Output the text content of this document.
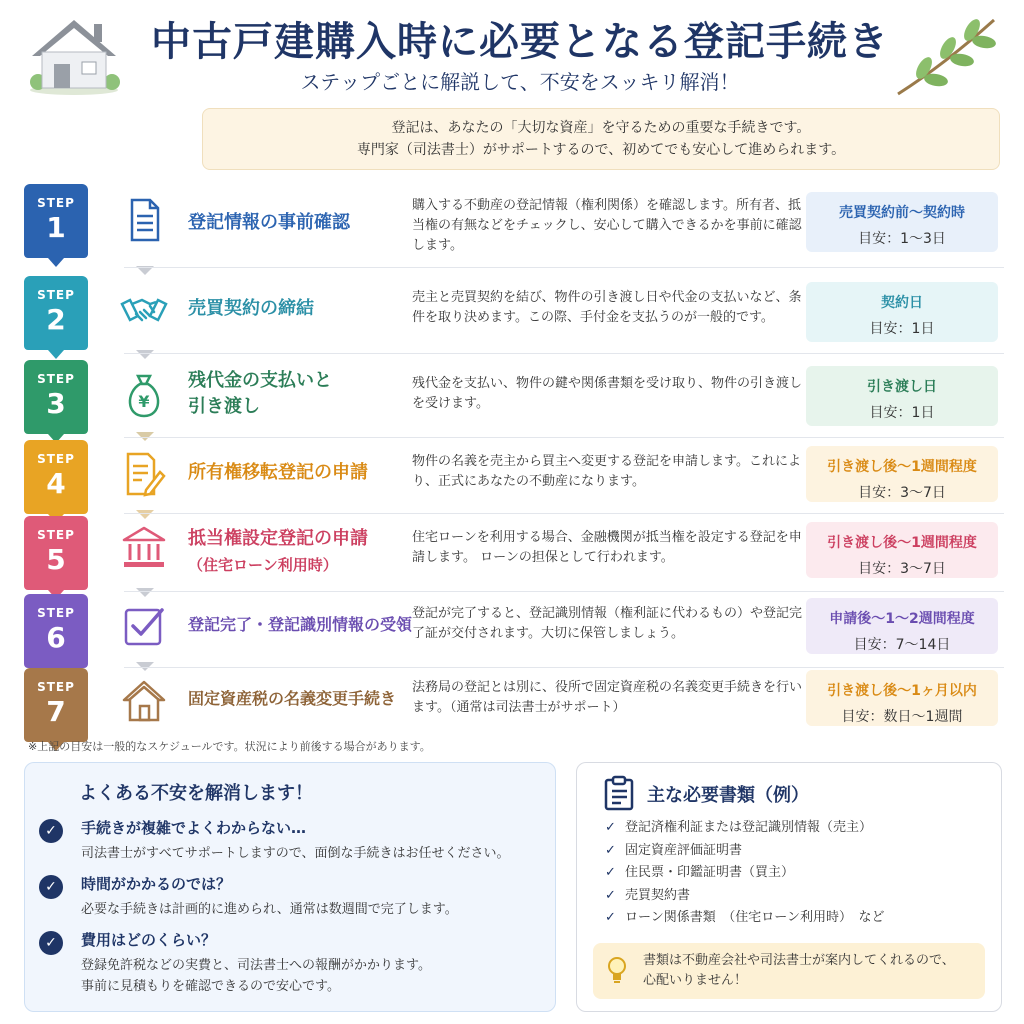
中古戸建購入時に必要となる登記手続き
ステップごとに解説して、不安をスッキリ解消！
登記は、あなたの「大切な資産」を守るための重要な手続きです。
専門家（司法書士）がサポートするので、初めてでも安心して進められます。
STEP
1	登記情報の事前確認
購入する不動産の登記情報（権利関係）を確認します。所有者、抵当権の有無などをチェックし、安心して購入できるかを事前に確認します。
売買契約前〜契約時
目安：1〜3日
STEP
2	売買契約の締結
売主と売買契約を結び、物件の引き渡し日や代金の支払いなど、条件を取り決めます。この際、手付金を支払うのが一般的です。
契約日
目安：1日
STEP
3	¥
残代金の支払いと
引き渡し
残代金を支払い、物件の鍵や関係書類を受け取り、物件の引き渡しを受けます。
引き渡し日
目安：1日
STEP
4	所有権移転登記の申請
物件の名義を売主から買主へ変更する登記を申請します。これにより、正式にあなたの不動産になります。
引き渡し後〜1週間程度
目安：3〜7日
STEP
5
抵当権設定登記の申請
（住宅ローン利用時）
住宅ローンを利用する場合、金融機関が抵当権を設定する登記を申請します。 ローンの担保として行われます。
引き渡し後〜1週間程度
目安：3〜7日
STEP
6	登記完了・登記識別情報の受領
登記が完了すると、登記識別情報（権利証に代わるもの）や登記完了証が交付されます。大切に保管しましょう。
申請後〜1〜2週間程度
目安：7〜14日
STEP
7	固定資産税の名義変更手続き
法務局の登記とは別に、役所で固定資産税の名義変更手続きを行います。（通常は司法書士がサポート）
引き渡し後〜1ヶ月以内
目安：数日〜1週間
※上記の目安は一般的なスケジュールです。状況により前後する場合があります。
よくある不安を解消します！
✓	手続きが複雑でよくわからない…
司法書士がすべてサポートしますので、面倒な手続きはお任せください。
✓	時間がかかるのでは？
必要な手続きは計画的に進められ、通常は数週間で完了します。
✓	費用はどのくらい？
登録免許税などの実費と、司法書士への報酬がかかります。
事前に見積もりを確認できるので安心です。
主な必要書類（例）
✓ 登記済権利証または登記識別情報（売主）
✓ 固定資産評価証明書
✓ 住民票・印鑑証明書（買主）
✓ 売買契約書
✓ ローン関係書類　（住宅ローン利用時）　など
書類は不動産会社や司法書士が案内してくれるので、
心配いりません！
